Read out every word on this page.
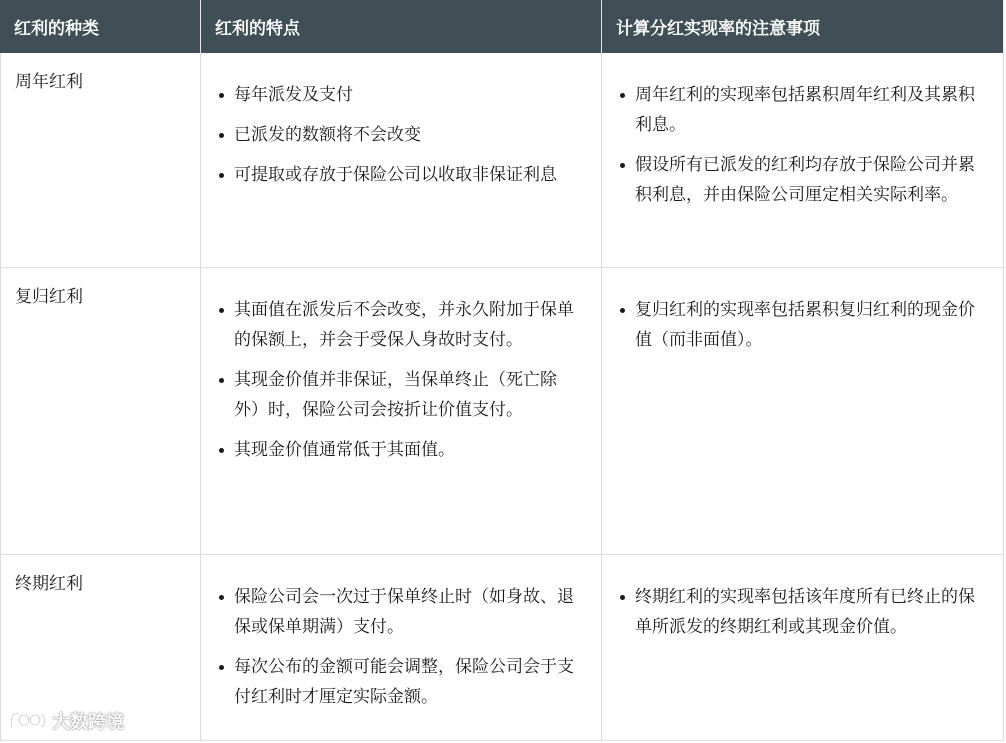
红利的种类	红利的特点	计算分红实现率的注意事项
周年红利
每年派发及支付
已派发的数额将不会改变
可提取或存放于保险公司以收取非保证利息
周年红利的实现率包括累积周年红利及其累积利息。
假设所有已派发的红利均存放于保险公司并累积利息，并由保险公司厘定相关实际利率。
复归红利
其面值在派发后不会改变，并永久附加于保单的保额上，并会于受保人身故时支付。
其现金价值并非保证，当保单终止（死亡除外）时，保险公司会按折让价值支付。
其现金价值通常低于其面值。
复归红利的实现率包括累积复归红利的现金价值（而非面值）。
终期红利
保险公司会一次过于保单终止时（如身故、退保或保单期满）支付。
每次公布的金额可能会调整，保险公司会于支付红利时才厘定实际金额。
终期红利的实现率包括该年度所有已终止的保单所派发的终期红利或其现金价值。
大数跨境
